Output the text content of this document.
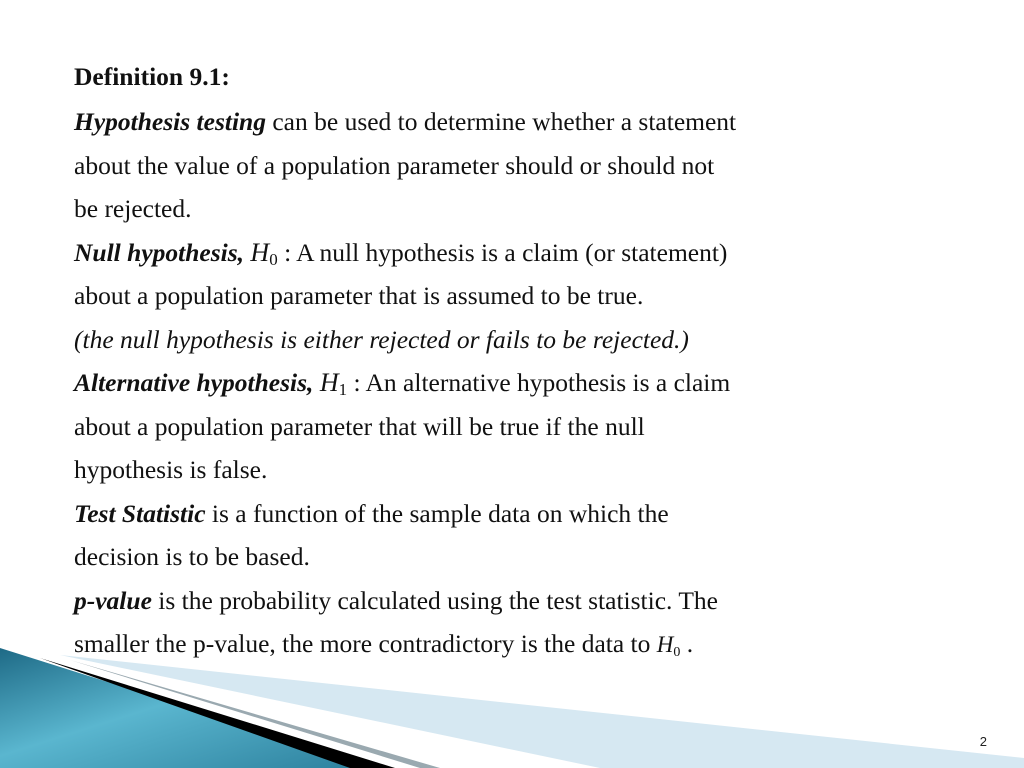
Definition 9.1:
Hypothesis testing can be used to determine whether a statement
about the value of a population parameter should or should not
be rejected.
Null hypothesis, $H_0$ : A null hypothesis is a claim (or statement)
about a population parameter that is assumed to be true.
(the null hypothesis is either rejected or fails to be rejected.)
Alternative hypothesis, $H_1$ : An alternative hypothesis is a claim
about a population parameter that will be true if the null
hypothesis is false.
Test Statistic is a function of the sample data on which the
decision is to be based.
p-value is the probability calculated using the test statistic. The
smaller the p-value, the more contradictory is the data to $H_0$ .
2
